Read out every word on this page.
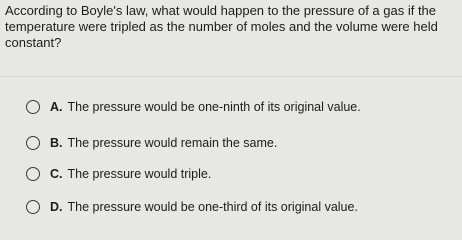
According to Boyle's law, what would happen to the pressure of a gas if the temperature were tripled as the number of moles and the volume were held constant?

A. The pressure would be one-ninth of its original value.
B. The pressure would remain the same.
C. The pressure would triple.
D. The pressure would be one-third of its original value.
